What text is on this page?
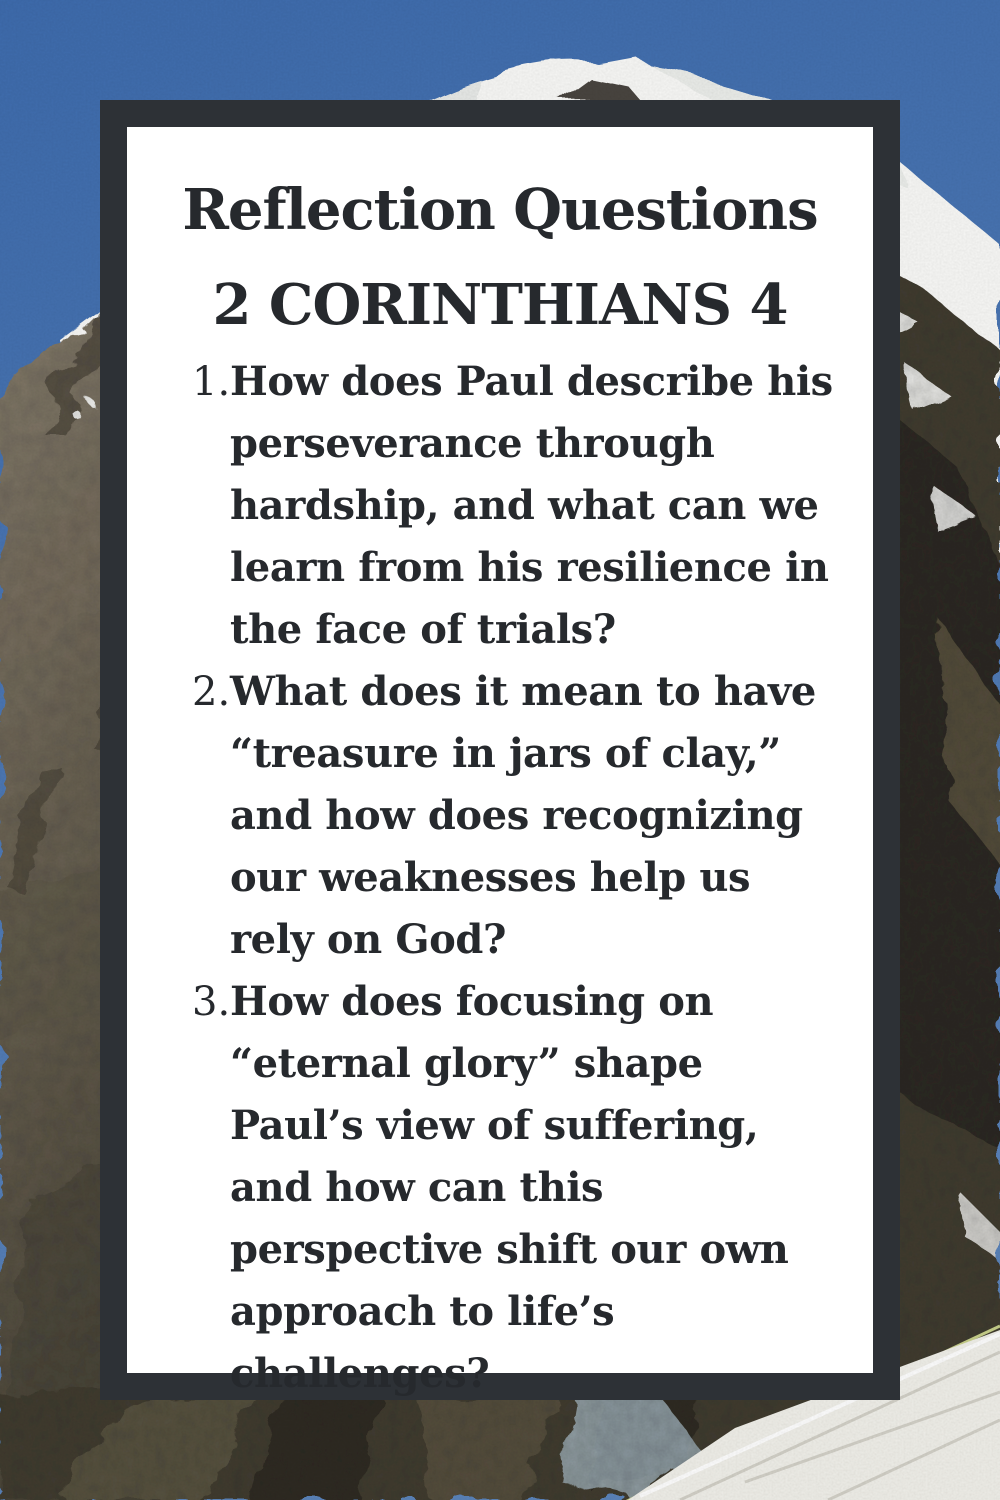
Reflection Questions
2 CORINTHIANS 4
How does Paul describe his perseverance through hardship, and what can we learn from his resilience in the face of trials?
What does it mean to have “treasure in jars of clay,” and how does recognizing our weaknesses help us rely on God?
How does focusing on “eternal glory” shape Paul’s view of suffering, and how can this perspective shift our own approach to life’s challenges?
